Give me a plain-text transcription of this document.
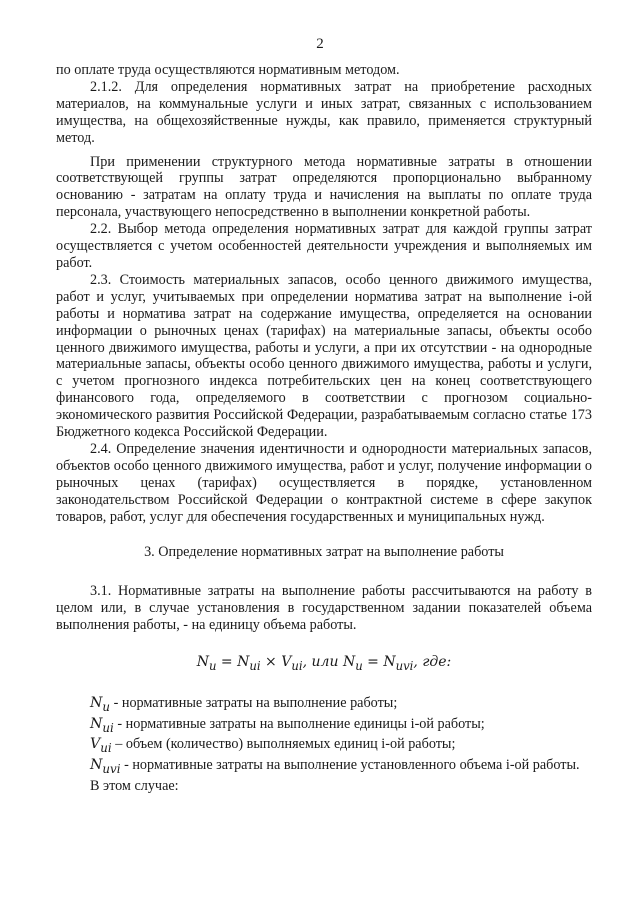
2

по оплате труда осуществляются нормативным методом.

2.1.2. Для определения нормативных затрат на приобретение расходных материалов, на коммунальные услуги и иных затрат, связанных с использованием имущества, на общехозяйственные нужды, как правило, применяется структурный метод.

При применении структурного метода нормативные затраты в отношении соответствующей группы затрат определяются пропорционально выбранному основанию - затратам на оплату труда и начисления на выплаты по оплате труда персонала, участвующего непосредственно в выполнении конкретной работы.

2.2. Выбор метода определения нормативных затрат для каждой группы затрат осуществляется с учетом особенностей деятельности учреждения и выполняемых им работ.

2.3. Стоимость материальных запасов, особо ценного движимого имущества, работ и услуг, учитываемых при определении норматива затрат на выполнение i-ой работы и норматива затрат на содержание имущества, определяется на основании информации о рыночных ценах (тарифах) на материальные запасы, объекты особо ценного движимого имущества, работы и услуги, а при их отсутствии - на однородные материальные запасы, объекты особо ценного движимого имущества, работы и услуги, с учетом прогнозного индекса потребительских цен на конец соответствующего финансового года, определяемого в соответствии с прогнозом социально-экономического развития Российской Федерации, разрабатываемым согласно статье 173 Бюджетного кодекса Российской Федерации.

2.4. Определение значения идентичности и однородности материальных запасов, объектов особо ценного движимого имущества, работ и услуг, получение информации о рыночных ценах (тарифах) осуществляется в порядке, установленном законодательством Российской Федерации о контрактной системе в сфере закупок товаров, работ, услуг для обеспечения государственных и муниципальных нужд.

3. Определение нормативных затрат на выполнение работы

3.1. Нормативные затраты на выполнение работы рассчитываются на работу в целом или, в случае установления в государственном задании показателей объема выполнения работы, - на единицу объема работы.

$N_u = N_{ui} \times V_{ui}$, или $N_u = N_{uvi}$, где:

$N_u$ - нормативные затраты на выполнение работы;

$N_{ui}$ - нормативные затраты на выполнение единицы i-ой работы;

$V_{ui}$ – объем (количество) выполняемых единиц i-ой работы;

$N_{uvi}$ - нормативные затраты на выполнение установленного объема i-ой работы.

В этом случае:
